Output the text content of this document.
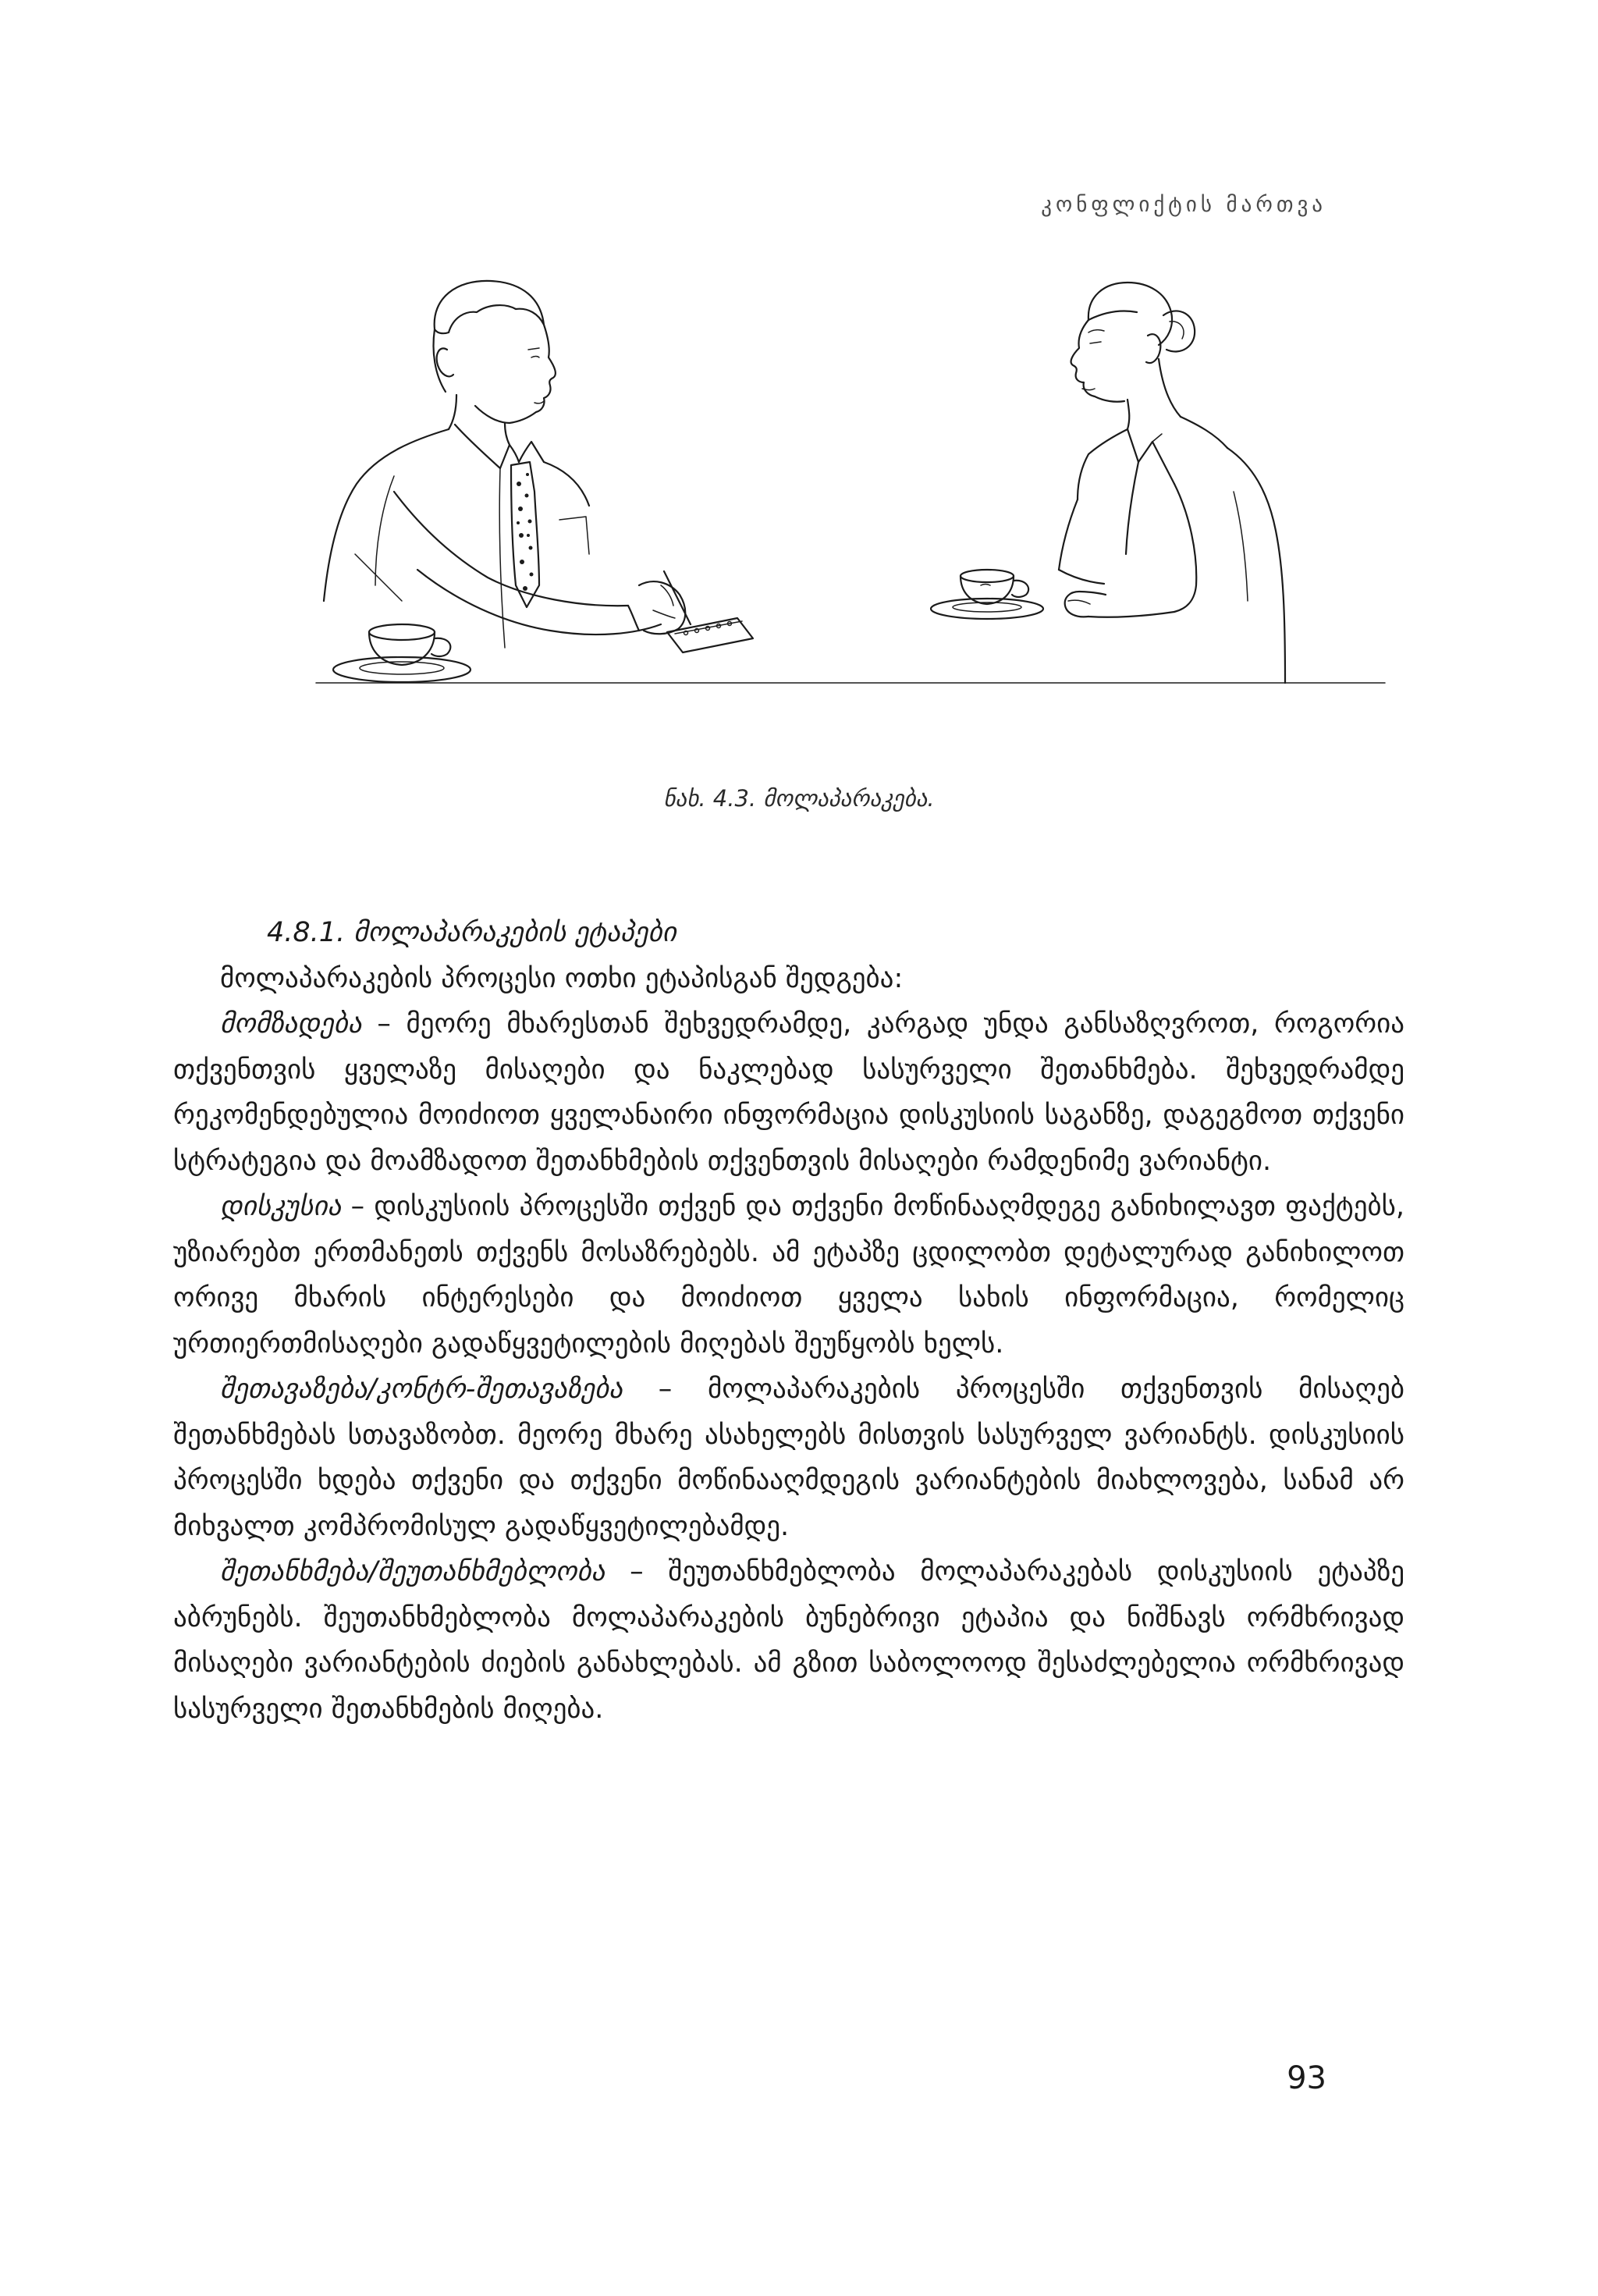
კონფლიქტის მართვა
ნახ. 4.3. მოლაპარაკება.

4.8.1. მოლაპარაკების ეტაპები

მოლაპარაკების პროცესი ოთხი ეტაპისგან შედგება:

მომზადება – მეორე მხარესთან შეხვედრამდე, კარგად უნდა განსაზღვროთ, როგორია თქვენთვის ყველაზე მისაღები და ნაკლებად სასურველი შეთანხმება. შეხვედრამდე რეკომენდებულია მოიძიოთ ყველანაირი ინფორმაცია დისკუსიის საგანზე, დაგეგმოთ თქვენი სტრატეგია და მოამზადოთ შეთანხმების თქვენთვის მისაღები რამდენიმე ვარიანტი.

დისკუსია – დისკუსიის პროცესში თქვენ და თქვენი მოწინააღმდეგე განიხილავთ ფაქტებს, უზიარებთ ერთმანეთს თქვენს მოსაზრებებს. ამ ეტაპზე ცდილობთ დეტალურად განიხილოთ ორივე მხარის ინტერესები და მოიძიოთ ყველა სახის ინფორმაცია, რომელიც ურთიერთმისაღები გადაწყვეტილების მიღებას შეუწყობს ხელს.

შეთავაზება/კონტრ-შეთავაზება – მოლაპარაკების პროცესში თქვენთვის მისაღებ შეთანხმებას სთავაზობთ. მეორე მხარე ასახელებს მისთვის სასურველ ვარიანტს. დისკუსიის პროცესში ხდება თქვენი და თქვენი მოწინააღმდეგის ვარიანტების მიახლოვება, სანამ არ მიხვალთ კომპრომისულ გადაწყვეტილებამდე.

შეთანხმება/შეუთანხმებლობა – შეუთანხმებლობა მოლაპარაკებას დისკუსიის ეტაპზე აბრუნებს. შეუთანხმებლობა მოლაპარაკების ბუნებრივი ეტაპია და ნიშნავს ორმხრივად მისაღები ვარიანტების ძიების განახლებას. ამ გზით საბოლოოდ შესაძლებელია ორმხრივად სასურველი შეთანხმების მიღება.

93
